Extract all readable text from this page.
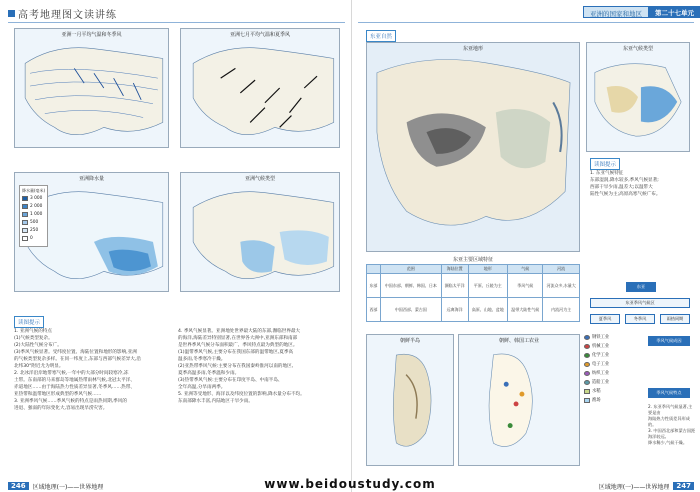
高考地理图文读讲练
亚洲一月平均气温和冬季风	亚洲七月平均气温和夏季风
亚洲降水量
降水量(毫米)
3 000
2 000
1 000
500
250
0
亚洲气候类型
读图提示
1. 亚洲气候的特点
(1)气候类型复杂。
(2)大陆性气候分布广。
(3)季风气候显著。受纬度位置、海陆位置和地形的影响,亚洲
的气候类型复杂多样。在同一纬度上,东部与西部气候差异大,沿
北纬30°附近尤为明显。
2. 北冰洋沿岸地带寒气候,一年中的大部分时间较寒冷,冻
土带。东南部的马来群岛等地属热带雨林气候,北冠太平洋、
赤道地区……由于海陆热力性质差异显著,冬季风……热带、
亚热带和温带地区形成典型的季风气候……
3. 亚洲季风气候……季风气候的特点是雨热同期,季风的
进退、强弱的年际变化大,容易出现旱涝灾害。
4. 季风气候显著。亚洲地处世界最大陆的东部,濒临世界最大
的海洋,海陆差异特别显著,在世界各大洲中,亚洲东部和南部
是世界季风气候分布面积最广、季风特点最为典型的地区。
(1)温带季风气候,主要分布在我国东部的温带地区,夏季高
温多雨,冬季寒冷干燥。
(2)亚热带季风气候:主要分布在我国秦岭淮河以南的地区,
夏季高温多雨,冬季温和少雨。
(3)热带季风气候:主要分布在印度半岛、中南半岛、
全年高温,分旱雨两季。
5. 亚洲等受地形、海洋以及纬度位置的影响,降水量分布不均。
东南部降水丰富,内陆地区干旱少雨。
246	区域地理(一)——世界地理
亚洲的国家和地区	第二十七单元
东亚自然
东亚地形	东亚气候类型
读图提示
1. 东亚气候特征
东部湿润,降水较多,季风气候显著;
西部干旱少雨,温差大;以温带大
陆性气候为主;高原高寒气候广布。
东亚主要区域特征
	范围	海陆位置	地形	气候	河流
东部	中国东部、朝鲜、韩国、日本	濒临太平洋	平原、丘陵为主	季风气候	河流众多,水量大
西部	中国西部、蒙古国	远离海洋	高原、山地、盆地	温带大陆性气候	内流河为主
朝鲜半岛	朝鲜、韩国工农业
钢铁工业
机械工业
化学工业
电子工业
纺织工业
造船工业
水稻
渔场
东亚
东亚季风气候区
夏季风	冬季风	雨热同期
季风气候成因
季风气候特点
2. 东亚季风气候显著,主要是由
海陆热力性质差异形成的。
3. 中国西北部和蒙古国距海洋较远,
降水稀少,气候干燥。
区域地理(一)——世界地理	247
www.beidoustudy.com
